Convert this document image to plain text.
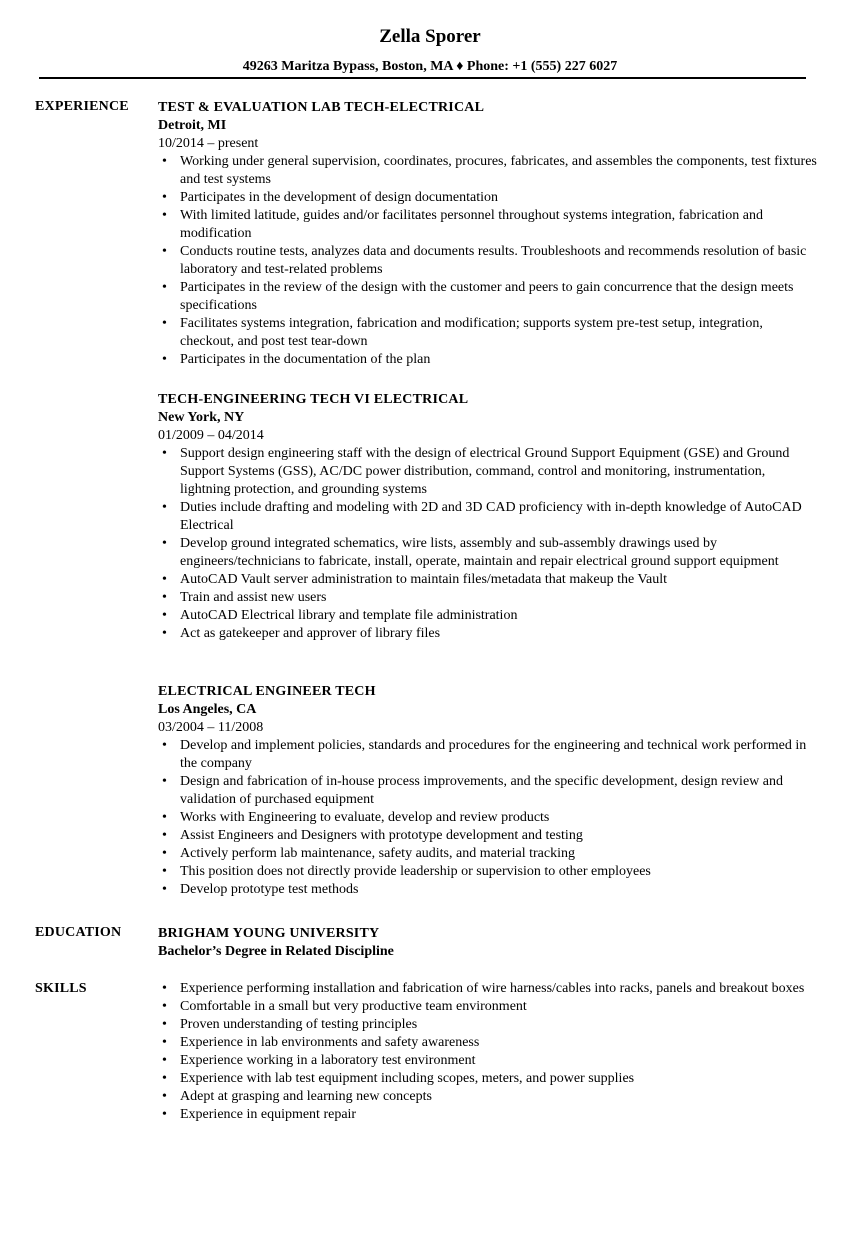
Zella Sporer
49263 Maritza Bypass, Boston, MA ♦ Phone: +1 (555) 227 6027
EXPERIENCE TEST & EVALUATION LAB TECH-ELECTRICAL
Detroit, MI
10/2014 – present
• Working under general supervision, coordinates, procures, fabricates, and assembles the components, test fixtures and test systems
• Participates in the development of design documentation
• With limited latitude, guides and/or facilitates personnel throughout systems integration, fabrication and modification
• Conducts routine tests, analyzes data and documents results. Troubleshoots and recommends resolution of basic laboratory and test-related problems
• Participates in the review of the design with the customer and peers to gain concurrence that the design meets specifications
• Facilitates systems integration, fabrication and modification; supports system pre-test setup, integration, checkout, and post test tear-down
• Participates in the documentation of the plan
TECH-ENGINEERING TECH VI ELECTRICAL
New York, NY
01/2009 – 04/2014
• Support design engineering staff with the design of electrical Ground Support Equipment (GSE) and Ground Support Systems (GSS), AC/DC power distribution, command, control and monitoring, instrumentation, lightning protection, and grounding systems
• Duties include drafting and modeling with 2D and 3D CAD proficiency with in-depth knowledge of AutoCAD Electrical
• Develop ground integrated schematics, wire lists, assembly and sub-assembly drawings used by engineers/technicians to fabricate, install, operate, maintain and repair electrical ground support equipment
• AutoCAD Vault server administration to maintain files/metadata that makeup the Vault
• Train and assist new users
• AutoCAD Electrical library and template file administration
• Act as gatekeeper and approver of library files
ELECTRICAL ENGINEER TECH
Los Angeles, CA
03/2004 – 11/2008
• Develop and implement policies, standards and procedures for the engineering and technical work performed in the company
• Design and fabrication of in-house process improvements, and the specific development, design review and validation of purchased equipment
• Works with Engineering to evaluate, develop and review products
• Assist Engineers and Designers with prototype development and testing
• Actively perform lab maintenance, safety audits, and material tracking
• This position does not directly provide leadership or supervision to other employees
• Develop prototype test methods
EDUCATION	BRIGHAM YOUNG UNIVERSITY
Bachelor’s Degree in Related Discipline
SKILLS
•	Experience performing installation and fabrication of wire harness/cables into racks, panels and breakout boxes
• Comfortable in a small but very productive team environment
• Proven understanding of testing principles
• Experience in lab environments and safety awareness
• Experience working in a laboratory test environment
• Experience with lab test equipment including scopes, meters, and power supplies
• Adept at grasping and learning new concepts
• Experience in equipment repair
